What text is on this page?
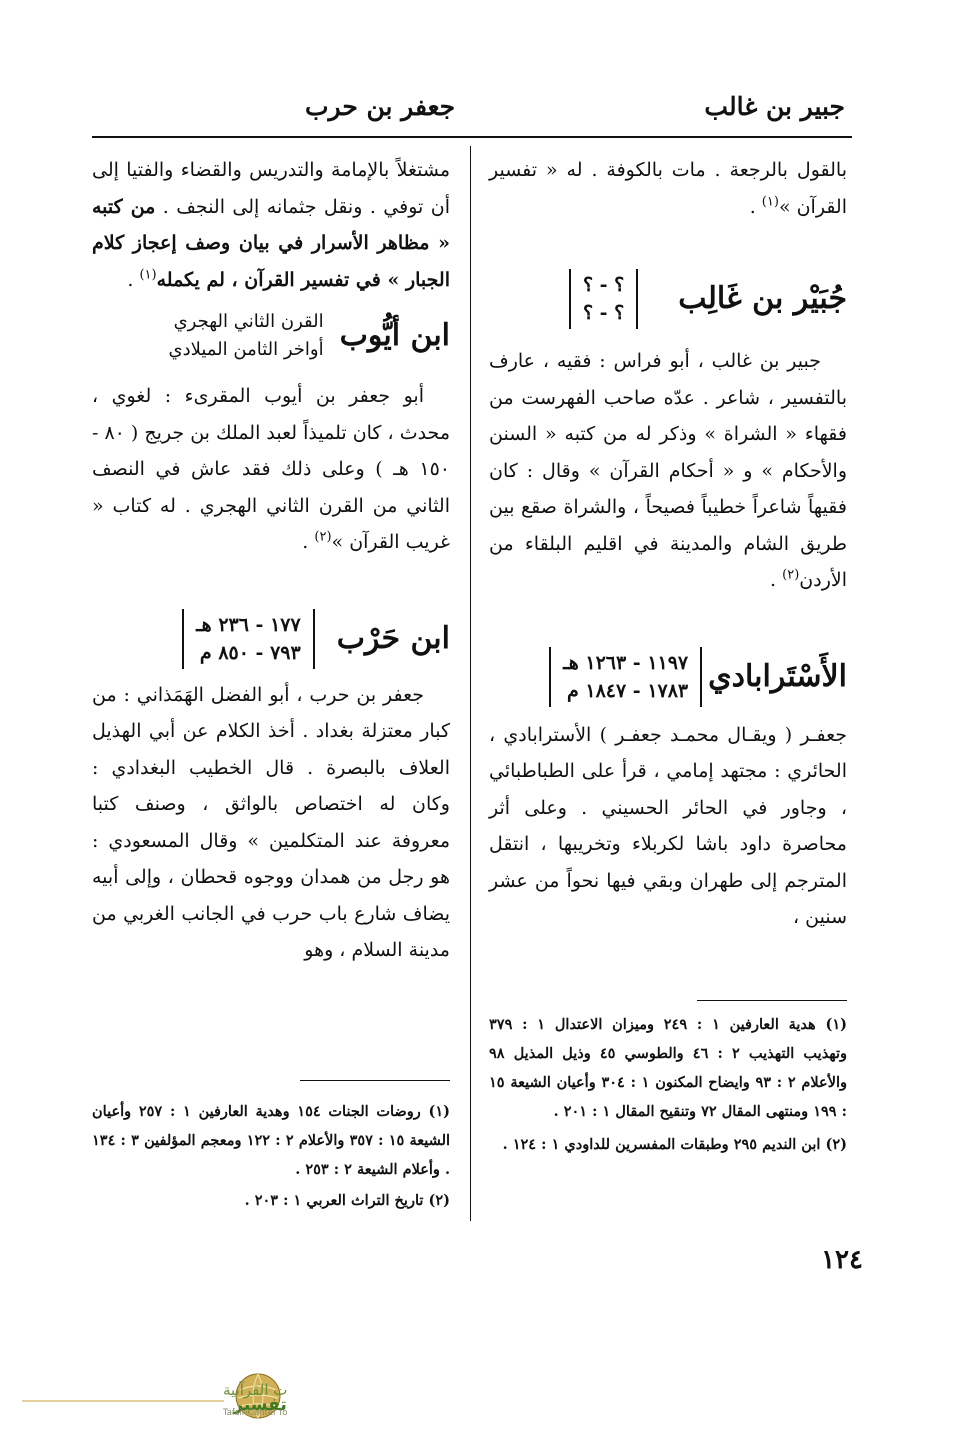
جبير بن غالب
جعفر بن حرب

بالقول بالرجعة . مات بالكوفة . له « تفسير القرآن »$^{(١)}$ .

جُبَيْر بن غَالِب
؟ - ؟
؟ - ؟

جبير بن غالب ، أبو فراس : فقيه ، عارف بالتفسير ، شاعر . عدّه صاحب الفهرست من فقهاء « الشراة » وذكر له من كتبه « السنن والأحكام » و « أحكام القرآن » وقال : كان فقيهاً شاعراً خطيباً فصيحاً ، والشراة صقع بين طريق الشام والمدينة في اقليم البلقاء من الأردن$^{(٢)}$ .

الأَسْتَرابادي
١١٩٧ - ١٢٦٣ هـ
١٧٨٣ - ١٨٤٧ م

جعفـر ( ويقـال محمـد جعفـر ) الأسترابادي ، الحائري : مجتهد إمامي ، قرأ على الطباطبائي ، وجاور في الحائر الحسيني . وعلى أثر محاصرة داود باشا لكربلاء وتخريبها ، انتقل المترجم إلى طهران وبقي فيها نحواً من عشر سنين ،

(١) هدية العارفين ١ : ٢٤٩ وميزان الاعتدال ١ : ٣٧٩ وتهذيب التهذيب ٢ : ٤٦ والطوسي ٤٥ وذيل المذيل ٩٨ والأعلام ٢ : ٩٣ وايضاح المكنون ١ : ٣٠٤ وأعيان الشيعة ١٥ : ١٩٩ ومنتهى المقال ٧٢ وتنقيح المقال ١ : ٢٠١ .

(٢) ابن النديم ٢٩٥ وطبقات المفسرين للداودي ١ : ١٢٤ .

مشتغلاً بالإمامة والتدريس والقضاء والفتيا إلى أن توفي . ونقل جثمانه إلى النجف . من كتبه « مظاهر الأسرار في بيان وصف إعجاز كلام الجبار » في تفسير القرآن ، لم يكمله$^{(١)}$ .

ابن أيُّوب
القرن الثاني الهجري
أواخر الثامن الميلادي

أبو جعفر بن أيوب المقرىء : لغوي ، محدث ، كان تلميذاً لعبد الملك بن جريج ( ٨٠ - ١٥٠ هـ ) وعلى ذلك فقد عاش في النصف الثاني من القرن الثاني الهجري . له كتاب « غريب القرآن »$^{(٢)}$ .

ابن حَرْب
١٧٧ - ٢٣٦ هـ
٧٩٣ - ٨٥٠ م

جعفر بن حرب ، أبو الفضل الهَمَذاني : من كبار معتزلة بغداد . أخذ الكلام عن أبي الهذيل العلاف بالبصرة . قال الخطيب البغدادي : وكان له اختصاص بالواثق ، وصنف كتبا معروفة عند المتكلمين » وقال المسعودي : هو رجل من همدان ووجوه قحطان ، وإلى أبيه يضاف شارع باب حرب في الجانب الغربي من مدينة السلام ، وهو

(١) روضات الجنات ١٥٤ وهدية العارفين ١ : ٢٥٧ وأعيان الشيعة ١٥ : ٣٥٧ والأعلام ٢ : ١٢٢ ومعجم المؤلفين ٣ : ١٣٤ . وأعلام الشيعة ٢ : ٢٥٣ .

(٢) تاريخ التراث العربي ١ : ٢٠٣ .

١٢٤
تفسير
ت القرآنية
Tafsir Center fo
